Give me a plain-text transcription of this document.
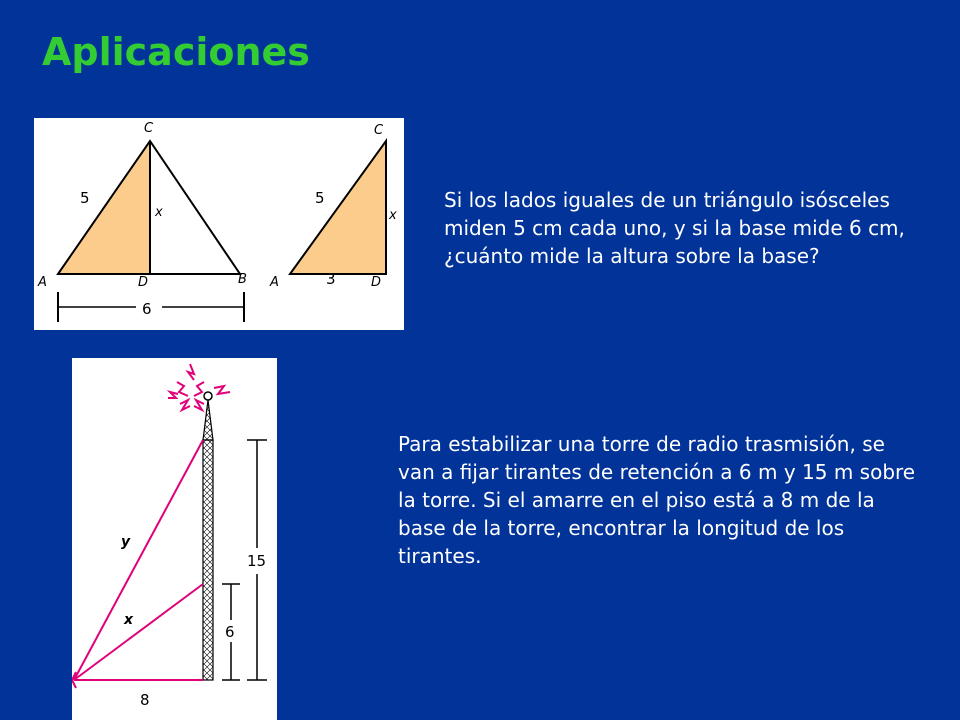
Aplicaciones
C
5
x
A	D	B
6
C
5
x
A	3	D
y
x
15
6
8
Si los lados iguales de un triángulo isósceles miden 5 cm cada uno, y si la base mide 6 cm, ¿cuánto mide la altura sobre la base?
Para estabilizar una torre de radio trasmisión, se van a fijar tirantes de retención a 6 m y 15 m sobre la torre. Si el amarre en el piso está a 8 m de la base de la torre, encontrar la longitud de los tirantes.
